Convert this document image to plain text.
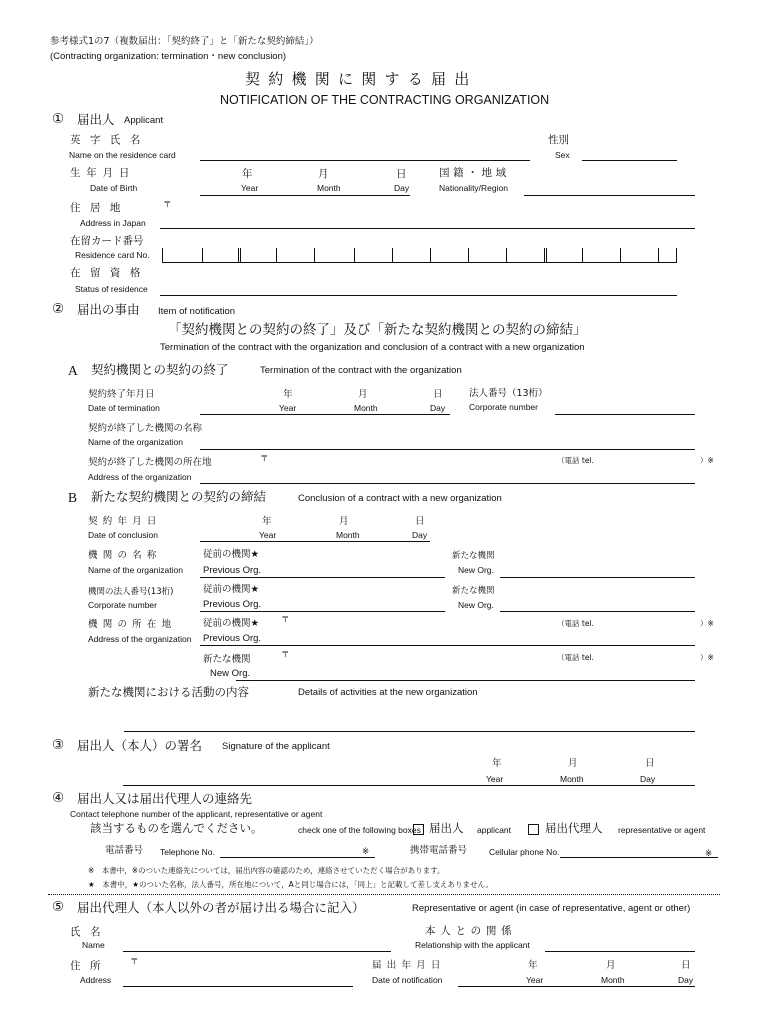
参考様式1の7（複数届出：「契約終了」と「新たな契約締結」）
(Contracting organization: termination・new conclusion)
契約機関に関する届出
NOTIFICATION OF THE CONTRACTING ORGANIZATION
① 届出人 Applicant
英字氏名
Name on the residence card
性別
Sex
生年月日
Date of Birth
年
Year
月
Month
日
Day
国籍・地域
Nationality/Region
住居地	〒
Address in Japan
在留カード番号
Residence card No.
在留資格
Status of residence
② 届出の事由 Item of notification
「契約機関との契約の終了」及び「新たな契約機関との契約の締結」
Termination of the contract with the organization and conclusion of a contract with a new organization
A 契約機関との契約の終了	Termination of the contract with the organization
契約終了年月日
Date of termination
年
Year
月
Month
日
Day
法人番号（13桁）
Corporate number
契約が終了した機関の名称
Name of the organization
契約が終了した機関の所在地	〒
Address of the organization
（電話 tel.	）※
B 新たな契約機関との契約の締結	Conclusion of a contract with a new organization
契約年月日
Date of conclusion
年
Year
月
Month
日
Day
機関の名称
Name of the organization
従前の機関★
Previous Org.
新たな機関
New Org.
機関の法人番号(13桁)
Corporate number
従前の機関★
Previous Org.
新たな機関
New Org.
機関の所在地
Address of the organization
従前の機関★	〒
Previous Org.
（電話 tel.	）※
新たな機関	〒
New Org.
（電話 tel.	）※
新たな機関における活動の内容	Details of activities at the new organization
③ 届出人（本人）の署名 Signature of the applicant
年
Year
月
Month
日
Day
④ 届出人又は届出代理人の連絡先
Contact telephone number of the applicant, representative or agent
該当するものを選んでください。	check one of the following boxes 届出人 applicant	届出代理人 representative or agent
電話番号 Telephone No.	※	携帯電話番号	Cellular phone No.	※
※　本書中，※のついた連絡先については，届出内容の確認のため，連絡させていただく場合があります。
★　本書中，★のついた名称，法人番号，所在地について，Aと同じ場合には，「同上」と記載して差し支えありません。
⑤ 届出代理人（本人以外の者が届け出る場合に記入）	Representative or agent (in case of representative, agent or other)
氏名
Name
本人との関係
Relationship with the applicant
住所 〒
Address
届出年月日
Date of notification
年
Year
月
Month
日
Day
